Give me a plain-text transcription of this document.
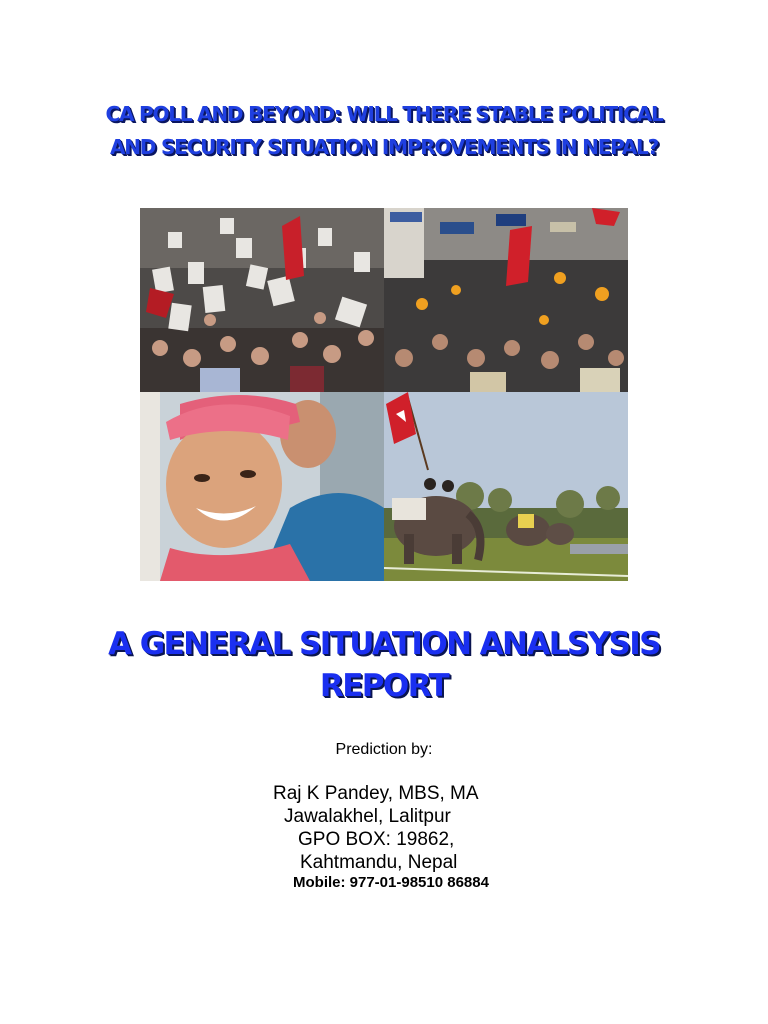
CA POLL AND BEYOND: WILL THERE STABLE POLITICAL
AND SECURITY SITUATION IMPROVEMENTS IN NEPAL?
A GENERAL SITUATION ANALSYSIS
REPORT
Prediction by:
Raj K Pandey, MBS, MA
Jawalakhel, Lalitpur
GPO BOX: 19862,
Kahtmandu, Nepal
Mobile: 977-01-98510 86884
